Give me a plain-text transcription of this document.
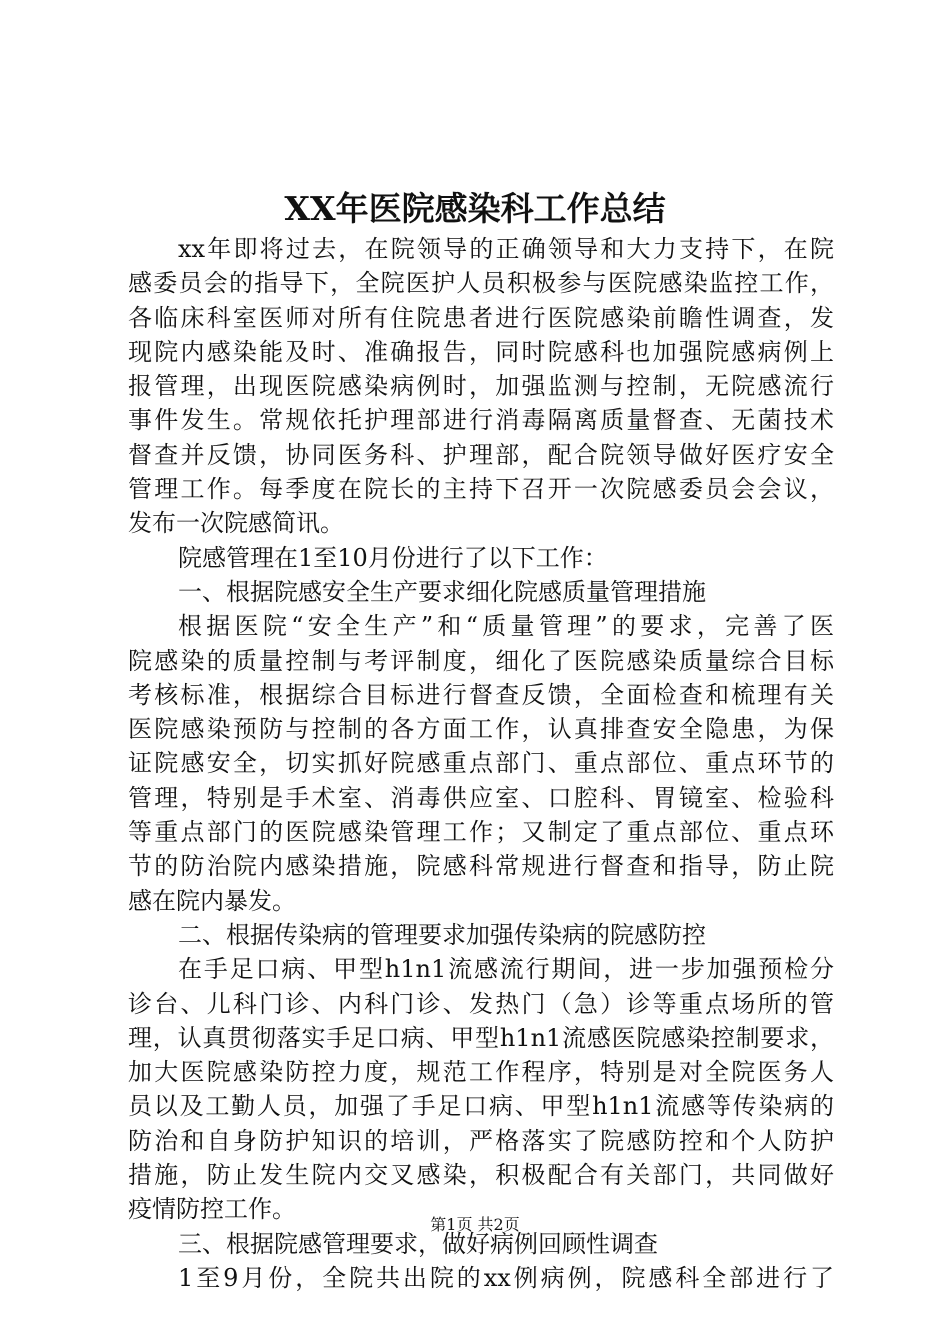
XX年医院感染科工作总结
xx年即将过去，在院领导的正确领导和大力支持下，在院
感委员会的指导下，全院医护人员积极参与医院感染监控工作，
各临床科室医师对所有住院患者进行医院感染前瞻性调查，发
现院内感染能及时、准确报告，同时院感科也加强院感病例上
报管理，出现医院感染病例时，加强监测与控制，无院感流行
事件发生。常规依托护理部进行消毒隔离质量督查、无菌技术
督查并反馈，协同医务科、护理部，配合院领导做好医疗安全
管理工作。每季度在院长的主持下召开一次院感委员会会议，
发布一次院感简讯。
院感管理在1至10月份进行了以下工作：
一、根据院感安全生产要求细化院感质量管理措施
根据医院“安全生产”和“质量管理”的要求，完善了医
院感染的质量控制与考评制度，细化了医院感染质量综合目标
考核标准，根据综合目标进行督查反馈，全面检查和梳理有关
医院感染预防与控制的各方面工作，认真排查安全隐患，为保
证院感安全，切实抓好院感重点部门、重点部位、重点环节的
管理，特别是手术室、消毒供应室、口腔科、胃镜室、检验科
等重点部门的医院感染管理工作；又制定了重点部位、重点环
节的防治院内感染措施，院感科常规进行督查和指导，防止院
感在院内暴发。
二、根据传染病的管理要求加强传染病的院感防控
在手足口病、甲型h1n1流感流行期间，进一步加强预检分
诊台、儿科门诊、内科门诊、发热门（急）诊等重点场所的管
理，认真贯彻落实手足口病、甲型h1n1流感医院感染控制要求，
加大医院感染防控力度，规范工作程序，特别是对全院医务人
员以及工勤人员，加强了手足口病、甲型h1n1流感等传染病的
防治和自身防护知识的培训，严格落实了院感防控和个人防护
措施，防止发生院内交叉感染，积极配合有关部门，共同做好
疫情防控工作。
三、根据院感管理要求，做好病例回顾性调查
1至9月份，全院共出院的xx例病例，院感科全部进行了
第1页 共2页
